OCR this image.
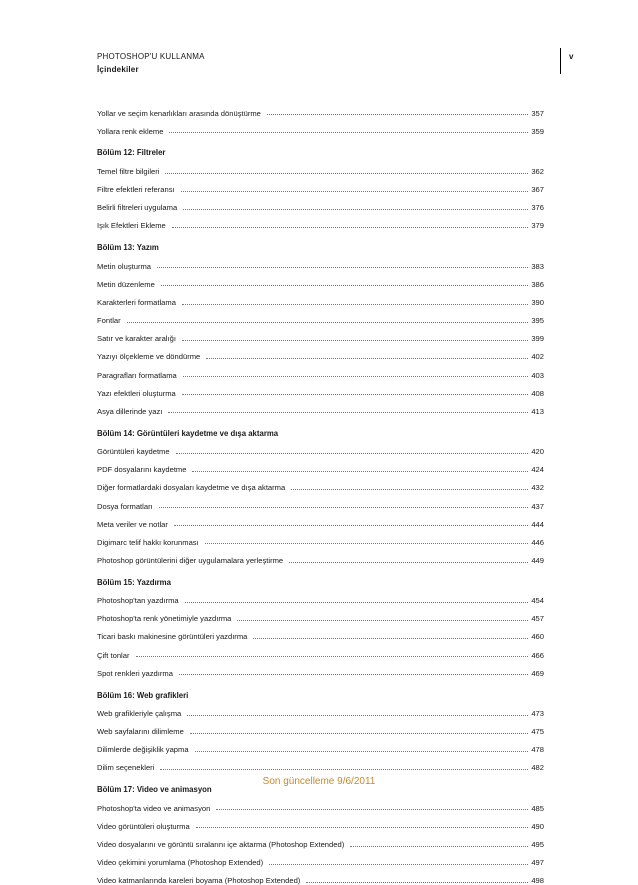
PHOTOSHOP'U KULLANMA
İçindekiler
v
Yollar ve seçim kenarlıkları arasında dönüştürme	357
Yollara renk ekleme	359
Bölüm 12: Filtreler
Temel filtre bilgileri	362
Filtre efektleri referansı	367
Belirli filtreleri uygulama	376
Işık Efektleri Ekleme	379
Bölüm 13: Yazım
Metin oluşturma	383
Metin düzenleme	386
Karakterleri formatlama	390
Fontlar	395
Satır ve karakter aralığı	399
Yazıyı ölçekleme ve döndürme	402
Paragrafları formatlama	403
Yazı efektleri oluşturma	408
Asya dillerinde yazı	413
Bölüm 14: Görüntüleri kaydetme ve dışa aktarma
Görüntüleri kaydetme	420
PDF dosyalarını kaydetme	424
Diğer formatlardaki dosyaları kaydetme ve dışa aktarma	432
Dosya formatları	437
Meta veriler ve notlar	444
Digimarc telif hakkı korunması	446
Photoshop görüntülerini diğer uygulamalara yerleştirme	449
Bölüm 15: Yazdırma
Photoshop'tan yazdırma	454
Photoshop'ta renk yönetimiyle yazdırma	457
Ticari baskı makinesine görüntüleri yazdırma	460
Çift tonlar	466
Spot renkleri yazdırma	469
Bölüm 16: Web grafikleri
Web grafikleriyle çalışma	473
Web sayfalarını dilimleme	475
Dilimlerde değişiklik yapma	478
Dilim seçenekleri	482
Bölüm 17: Video ve animasyon
Photoshop'ta video ve animasyon	485
Video görüntüleri oluşturma	490
Video dosyalarını ve görüntü sıralarını içe aktarma (Photoshop Extended)	495
Video çekimini yorumlama (Photoshop Extended)	497
Video katmanlarında kareleri boyama (Photoshop Extended)	498
Son güncelleme 9/6/2011
